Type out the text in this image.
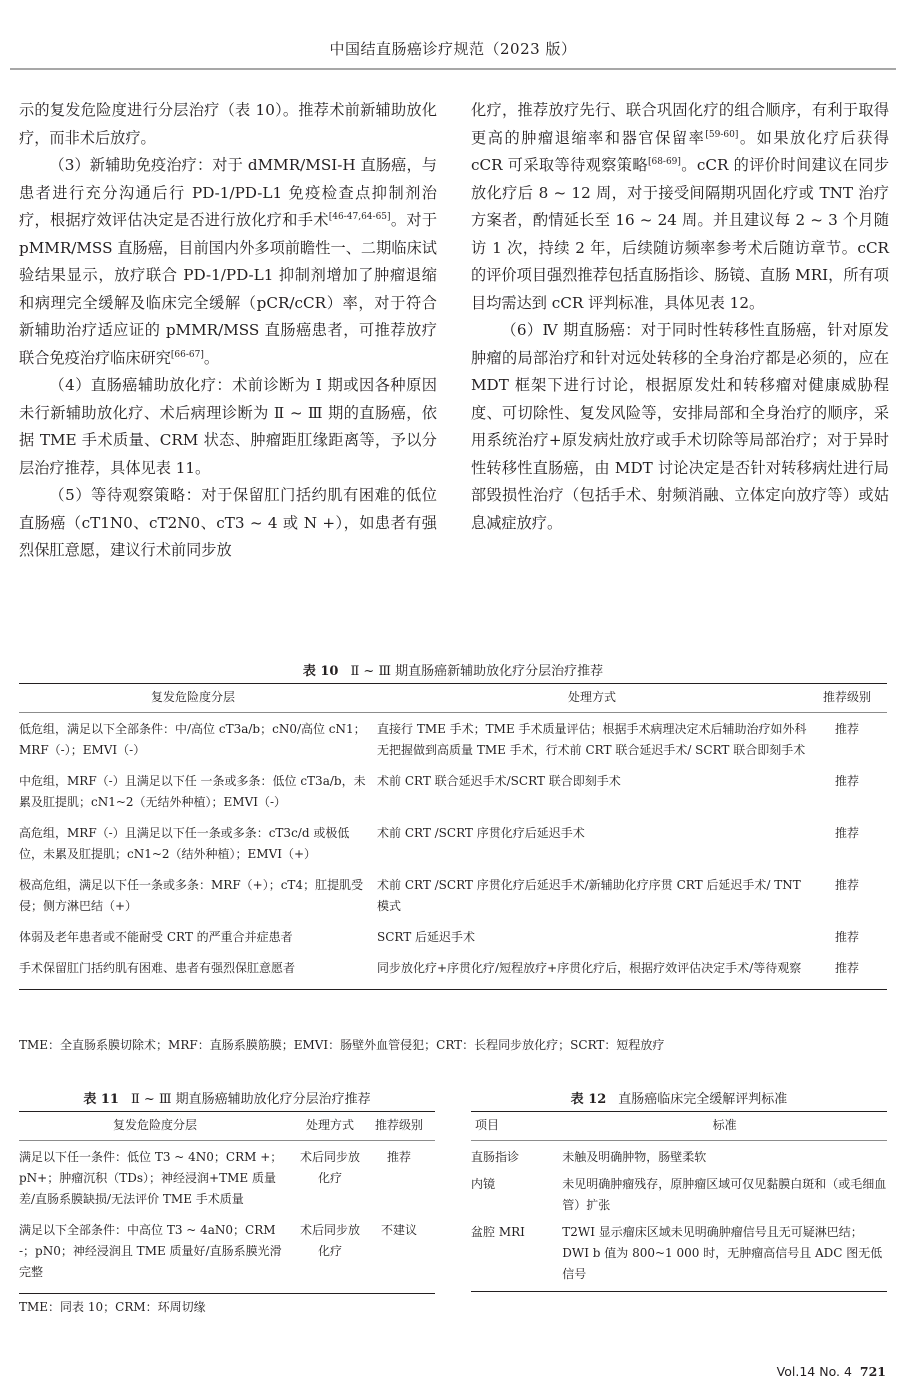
中国结直肠癌诊疗规范（2023 版）

示的复发危险度进行分层治疗（表 10）。推荐术前新辅助放化疗，而非术后放疗。

（3）新辅助免疫治疗：对于 dMMR/MSI-H 直肠癌，与患者进行充分沟通后行 PD-1/PD-L1 免疫检查点抑制剂治疗，根据疗效评估决定是否进行放化疗和手术[46-47,64-65]。对于 pMMR/MSS 直肠癌，目前国内外多项前瞻性一、二期临床试验结果显示，放疗联合 PD-1/PD-L1 抑制剂增加了肿瘤退缩和病理完全缓解及临床完全缓解（pCR/cCR）率，对于符合新辅助治疗适应证的 pMMR/MSS 直肠癌患者，可推荐放疗联合免疫治疗临床研究[66-67]。

（4）直肠癌辅助放化疗：术前诊断为 Ⅰ 期或因各种原因未行新辅助放化疗、术后病理诊断为 Ⅱ ~ Ⅲ 期的直肠癌，依据 TME 手术质量、CRM 状态、肿瘤距肛缘距离等，予以分层治疗推荐，具体见表 11。

（5）等待观察策略：对于保留肛门括约肌有困难的低位直肠癌（cT1N0、cT2N0、cT3 ~ 4 或 N +），如患者有强烈保肛意愿，建议行术前同步放

化疗，推荐放疗先行、联合巩固化疗的组合顺序，有利于取得更高的肿瘤退缩率和器官保留率[59-60]。如果放化疗后获得 cCR 可采取等待观察策略[68-69]。cCR 的评价时间建议在同步放化疗后 8 ~ 12 周，对于接受间隔期巩固化疗或 TNT 治疗方案者，酌情延长至 16 ~ 24 周。并且建议每 2 ~ 3 个月随访 1 次，持续 2 年，后续随访频率参考术后随访章节。cCR 的评价项目强烈推荐包括直肠指诊、肠镜、直肠 MRI，所有项目均需达到 cCR 评判标准，具体见表 12。

（6）Ⅳ 期直肠癌：对于同时性转移性直肠癌，针对原发肿瘤的局部治疗和针对远处转移的全身治疗都是必须的，应在 MDT 框架下进行讨论，根据原发灶和转移瘤对健康威胁程度、可切除性、复发风险等，安排局部和全身治疗的顺序，采用系统治疗+原发病灶放疗或手术切除等局部治疗；对于异时性转移性直肠癌，由 MDT 讨论决定是否针对转移病灶进行局部毁损性治疗（包括手术、射频消融、立体定向放疗等）或姑息减症放疗。

表 10 Ⅱ ~ Ⅲ 期直肠癌新辅助放化疗分层治疗推荐
复发危险度分层	处理方式	推荐级别
低危组，满足以下全部条件：中/高位 cT3a/b；cN0/高位 cN1；MRF（-）；EMVI（-）	直接行 TME 手术；TME 手术质量评估；根据手术病理决定术后辅助治疗如外科无把握做到高质量 TME 手术，行术前 CRT 联合延迟手术/ SCRT 联合即刻手术	推荐
中危组，MRF（-）且满足以下任 一条或多条：低位 cT3a/b，未累及肛提肌；cN1~2（无结外种植）；EMVI（-）	术前 CRT 联合延迟手术/SCRT 联合即刻手术	推荐
高危组，MRF（-）且满足以下任一条或多条：cT3c/d 或极低位，未累及肛提肌；cN1~2（结外种植）；EMVI（+）	术前 CRT /SCRT 序贯化疗后延迟手术	推荐
极高危组，满足以下任一条或多条：MRF（+）；cT4；肛提肌受侵；侧方淋巴结（+）	术前 CRT /SCRT 序贯化疗后延迟手术/新辅助化疗序贯 CRT 后延迟手术/ TNT 模式	推荐
体弱及老年患者或不能耐受 CRT 的严重合并症患者	SCRT 后延迟手术	推荐
手术保留肛门括约肌有困难、患者有强烈保肛意愿者	同步放化疗+序贯化疗/短程放疗+序贯化疗后，根据疗效评估决定手术/等待观察	推荐
TME：全直肠系膜切除术；MRF：直肠系膜筋膜；EMVI：肠壁外血管侵犯；CRT：长程同步放化疗；SCRT：短程放疗
表 11 Ⅱ ~ Ⅲ 期直肠癌辅助放化疗分层治疗推荐
复发危险度分层	处理方式	推荐级别
满足以下任一条件：低位 T3 ~ 4N0；CRM +；pN+；肿瘤沉积（TDs）；神经浸润+TME 质量差/直肠系膜缺损/无法评价 TME 手术质量	术后同步放化疗	推荐
满足以下全部条件：中高位 T3 ~ 4aN0；CRM -；pN0；神经浸润且 TME 质量好/直肠系膜光滑完整	术后同步放化疗	不建议
TME：同表 10；CRM：环周切缘
表 12 直肠癌临床完全缓解评判标准
项目	标准
直肠指诊	未触及明确肿物，肠壁柔软
内镜	未见明确肿瘤残存，原肿瘤区域可仅见黏膜白斑和（或毛细血管）扩张
盆腔 MRI	T2WI 显示瘤床区域未见明确肿瘤信号且无可疑淋巴结；DWI b 值为 800~1 000 时，无肿瘤高信号且 ADC 图无低信号
Vol.14 No. 4 721
